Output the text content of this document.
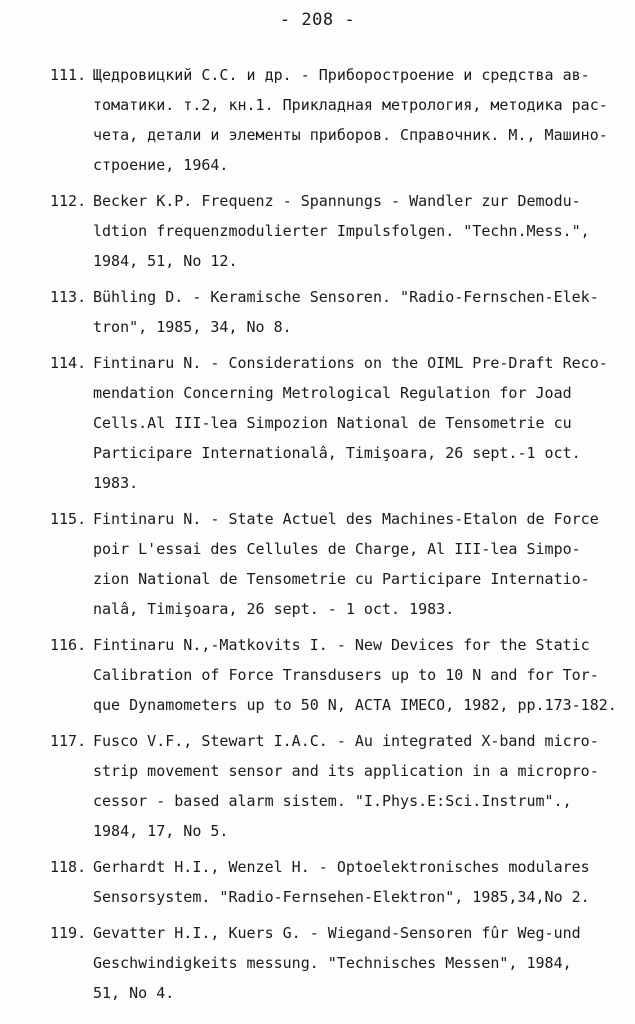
- 208 -
111. Щедровицкий С.С. и др. - Приборостроение и средства ав-
томатики. т.2, кн.1. Прикладная метрология, методика рас-
чета, детали и элементы приборов. Справочник. М., Машино-
строение, 1964.
112. Becker K.P. Frequenz - Spannungs - Wandler zur Demodu-
ldtion frequenzmodulierter Impulsfolgen. "Techn.Mess.",
1984, 51, No 12.
113. Bühling D. - Keramische Sensoren. "Radio-Fernschen-Elek-
tron", 1985, 34, No 8.
114. Fintinaru N. - Considerations on the OIML Pre-Draft Reco-
mendation Concerning Metrological Regulation for Joad
Cells.Al III-lea Simpozion National de Tensometrie cu
Participare Internationalâ, Timişoara, 26 sept.-1 oct.
1983.
115. Fintinaru N. - State Actuel des Machines-Etalon de Force
poir L'essai des Cellules de Charge, Al III-lea Simpo-
zion National de Tensometrie cu Participare Internatio-
nalâ, Timişoara, 26 sept. - 1 oct. 1983.
116. Fintinaru N.,-Matkovits I. - New Devices for the Static
Calibration of Force Transdusers up to 10 N and for Tor-
que Dynamometers up to 50 N, ACTA IMECO, 1982, pp.173-182.
117. Fusco V.F., Stewart I.A.C. - Au integrated X-band micro-
strip movement sensor and its application in a micropro-
cessor - based alarm sistem. "I.Phys.E:Sci.Instrum".,
1984, 17, No 5.
118. Gerhardt H.I., Wenzel H. - Optoelektronisches modulares
Sensorsystem. "Radio-Fernsehen-Elektron", 1985,34,No 2.
119. Gevatter H.I., Kuers G. - Wiegand-Sensoren fûr Weg-und
Geschwindigkeits messung. "Technisches Messen", 1984,
51, No 4.
